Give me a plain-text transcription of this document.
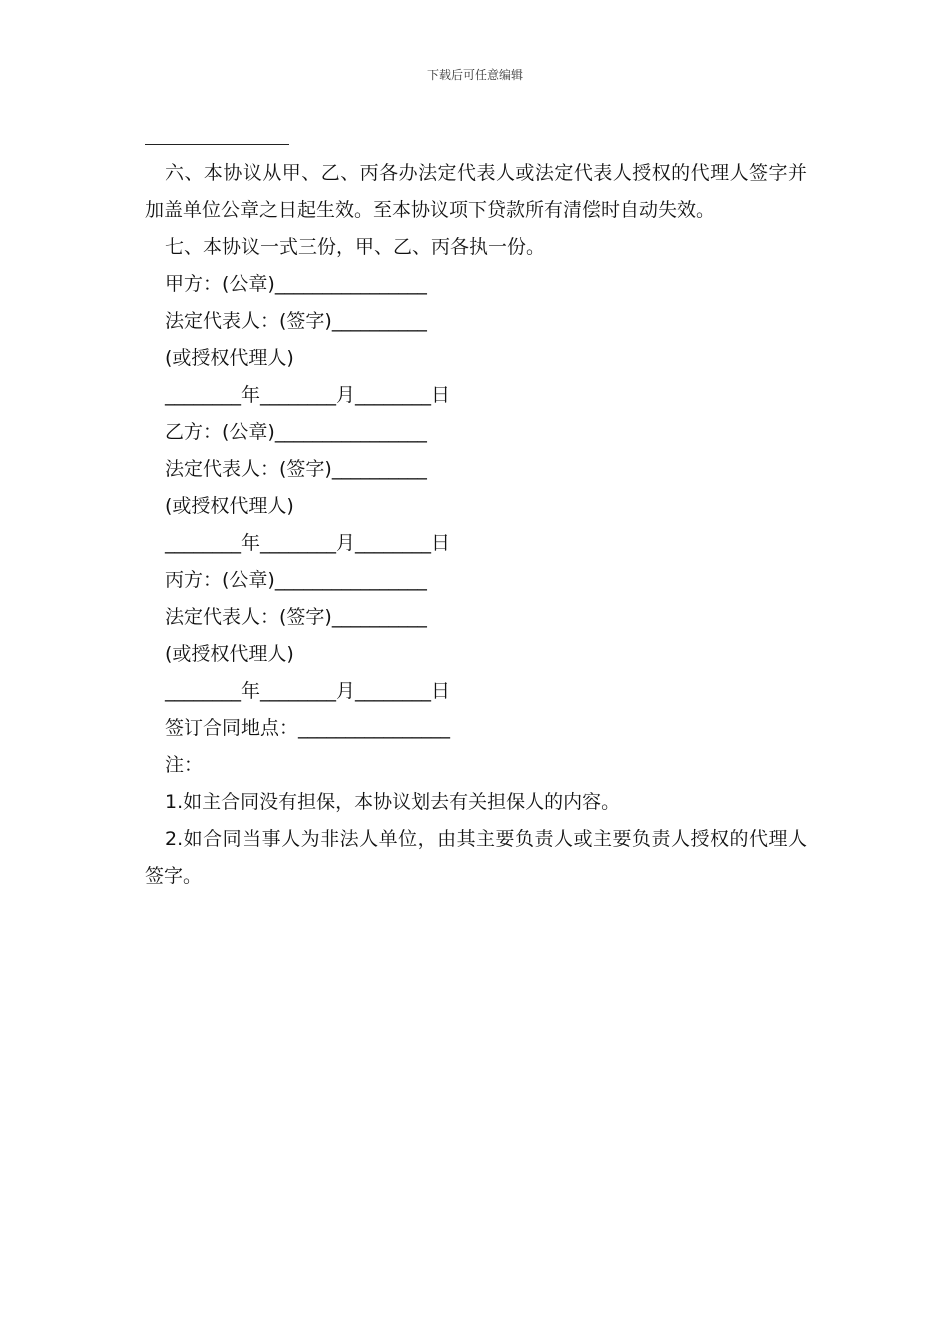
下载后可任意编辑

六、本协议从甲、乙、丙各办法定代表人或法定代表人授权的代理人签字并加盖单位公章之日起生效。至本协议项下贷款所有清偿时自动失效。

七、本协议一式三份，甲、乙、丙各执一份。

甲方：(公章)________________

法定代表人：(签字)__________

(或授权代理人)

________年________月________日

乙方：(公章)________________

法定代表人：(签字)__________

(或授权代理人)

________年________月________日

丙方：(公章)________________

法定代表人：(签字)__________

(或授权代理人)

________年________月________日

签订合同地点：________________

注：

1.如主合同没有担保，本协议划去有关担保人的内容。

2.如合同当事人为非法人单位，由其主要负责人或主要负责人授权的代理人签字。
